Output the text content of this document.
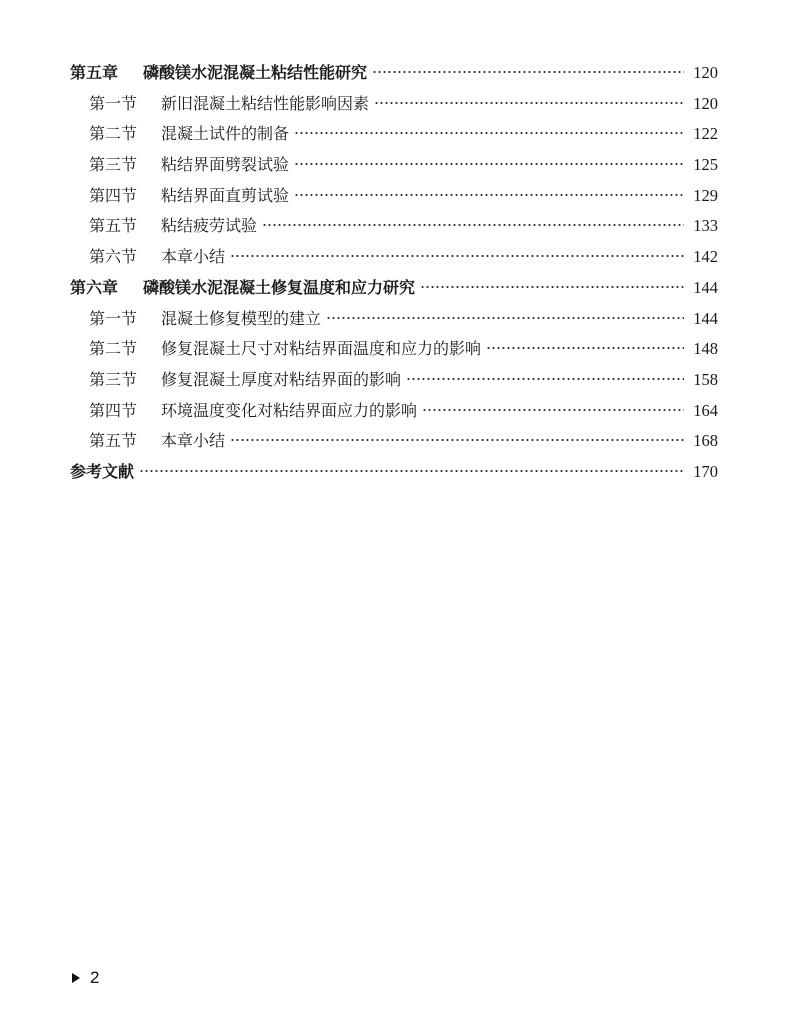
第五章	磷酸镁水泥混凝土粘结性能研究	120
第一节	新旧混凝土粘结性能影响因素	120
第二节	混凝土试件的制备	122
第三节	粘结界面劈裂试验	125
第四节	粘结界面直剪试验	129
第五节	粘结疲劳试验	133
第六节	本章小结	142
第六章	磷酸镁水泥混凝土修复温度和应力研究	144
第一节	混凝土修复模型的建立	144
第二节	修复混凝土尺寸对粘结界面温度和应力的影响	148
第三节	修复混凝土厚度对粘结界面的影响	158
第四节	环境温度变化对粘结界面应力的影响	164
第五节	本章小结	168
参考文献	170
2
